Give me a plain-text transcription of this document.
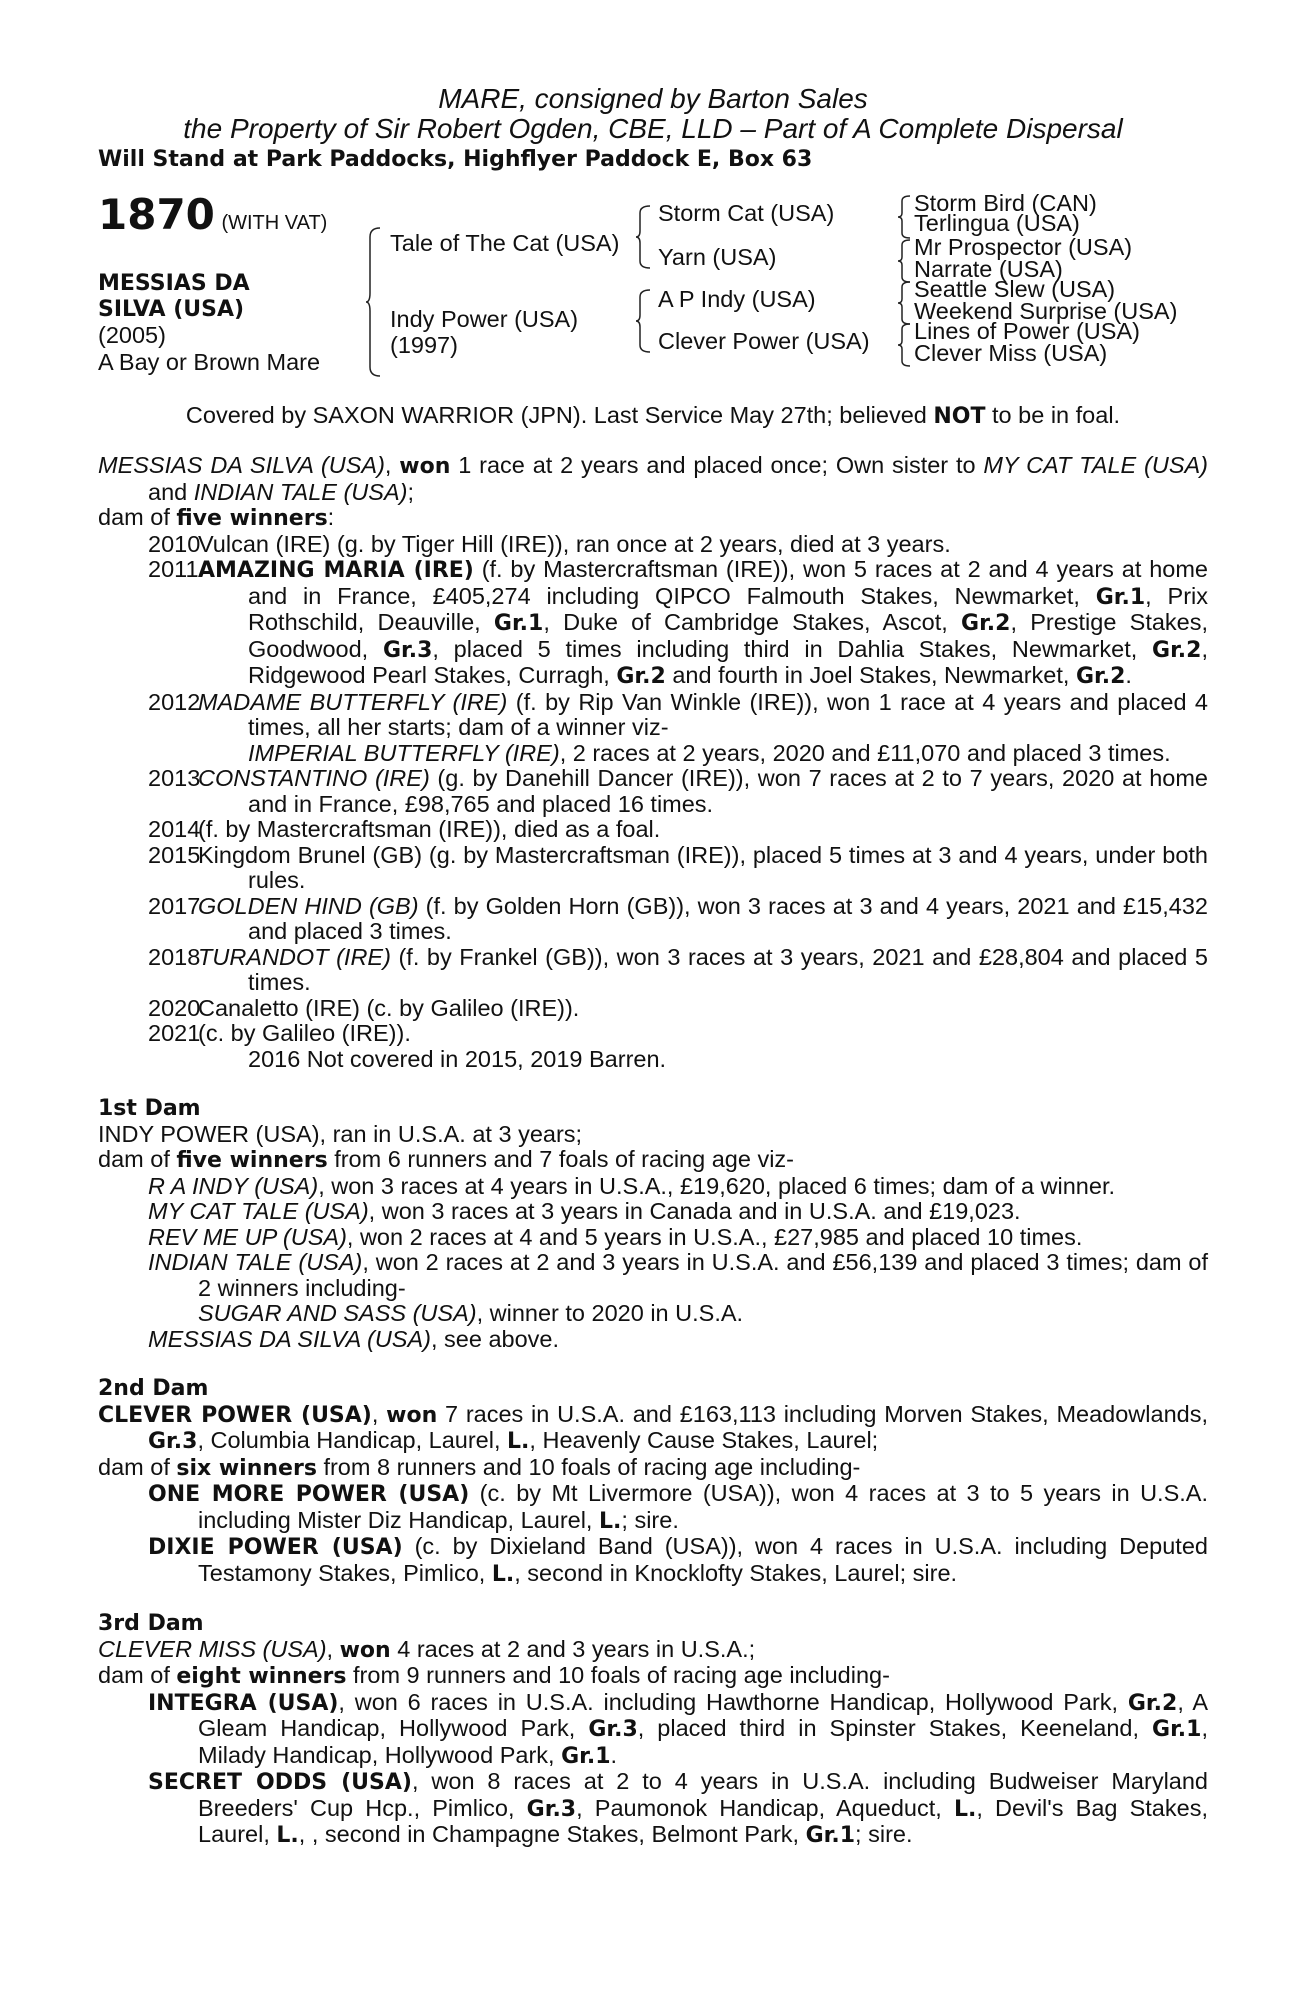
MARE, consigned by Barton Sales
the Property of Sir Robert Ogden, CBE, LLD – Part of A Complete Dispersal
Will Stand at Park Paddocks, Highflyer Paddock E, Box 63
1870 (WITH VAT)
MESSIAS DA
SILVA (USA)
(2005)
A Bay or Brown Mare
Tale of The Cat (USA)
Indy Power (USA)
(1997)
Storm Cat (USA)
Yarn (USA)
A P Indy (USA)
Clever Power (USA)
Storm Bird (CAN)
Terlingua (USA)
Mr Prospector (USA)
Narrate (USA)
Seattle Slew (USA)
Weekend Surprise (USA)
Lines of Power (USA)
Clever Miss (USA)
Covered by SAXON WARRIOR (JPN). Last Service May 27th; believed NOT to be in foal.
MESSIAS DA SILVA (USA), won 1 race at 2 years and placed once; Own sister to MY CAT TALE (USA) and INDIAN TALE (USA);
dam of five winners:
2010
Vulcan (IRE) (g. by Tiger Hill (IRE)), ran once at 2 years, died at 3 years.
2011 AMAZING MARIA (IRE) (f. by Mastercraftsman (IRE)), won 5 races at 2 and 4 years at home and in France, £405,274 including QIPCO Falmouth Stakes, Newmarket, Gr.1, Prix Rothschild, Deauville, Gr.1, Duke of Cambridge Stakes, Ascot, Gr.2, Prestige Stakes, Goodwood, Gr.3, placed 5 times including third in Dahlia Stakes, Newmarket, Gr.2, Ridgewood Pearl Stakes, Curragh, Gr.2 and fourth in Joel Stakes, Newmarket, Gr.2.
2012
MADAME BUTTERFLY (IRE) (f. by Rip Van Winkle (IRE)), won 1 race at 4 years and placed 4 times, all her starts; dam of a winner viz-
IMPERIAL BUTTERFLY (IRE), 2 races at 2 years, 2020 and £11,070 and placed 3 times.
2013
CONSTANTINO (IRE) (g. by Danehill Dancer (IRE)), won 7 races at 2 to 7 years, 2020 at home and in France, £98,765 and placed 16 times.
2014
(f. by Mastercraftsman (IRE)), died as a foal.
2015
Kingdom Brunel (GB) (g. by Mastercraftsman (IRE)), placed 5 times at 3 and 4 years, under both rules.
2017
GOLDEN HIND (GB) (f. by Golden Horn (GB)), won 3 races at 3 and 4 years, 2021 and £15,432 and placed 3 times.
2018
TURANDOT (IRE) (f. by Frankel (GB)), won 3 races at 3 years, 2021 and £28,804 and placed 5 times.
2020
Canaletto (IRE) (c. by Galileo (IRE)).
2021
(c. by Galileo (IRE)).
2016 Not covered in 2015, 2019 Barren.
1st Dam
INDY POWER (USA), ran in U.S.A. at 3 years;
dam of five winners from 6 runners and 7 foals of racing age viz-
R A INDY (USA), won 3 races at 4 years in U.S.A., £19,620, placed 6 times; dam of a winner.
MY CAT TALE (USA), won 3 races at 3 years in Canada and in U.S.A. and £19,023.
REV ME UP (USA), won 2 races at 4 and 5 years in U.S.A., £27,985 and placed 10 times.
INDIAN TALE (USA), won 2 races at 2 and 3 years in U.S.A. and £56,139 and placed 3 times; dam of 2 winners including-
SUGAR AND SASS (USA), winner to 2020 in U.S.A.
MESSIAS DA SILVA (USA), see above.
2nd Dam
CLEVER POWER (USA), won 7 races in U.S.A. and £163,113 including Morven Stakes, Meadowlands, Gr.3, Columbia Handicap, Laurel, L., Heavenly Cause Stakes, Laurel;
dam of six winners from 8 runners and 10 foals of racing age including-
ONE MORE POWER (USA) (c. by Mt Livermore (USA)), won 4 races at 3 to 5 years in U.S.A. including Mister Diz Handicap, Laurel, L.; sire.
DIXIE POWER (USA) (c. by Dixieland Band (USA)), won 4 races in U.S.A. including Deputed Testamony Stakes, Pimlico, L., second in Knocklofty Stakes, Laurel; sire.
3rd Dam
CLEVER MISS (USA), won 4 races at 2 and 3 years in U.S.A.;
dam of eight winners from 9 runners and 10 foals of racing age including-
INTEGRA (USA), won 6 races in U.S.A. including Hawthorne Handicap, Hollywood Park, Gr.2, A Gleam Handicap, Hollywood Park, Gr.3, placed third in Spinster Stakes, Keeneland, Gr.1, Milady Handicap, Hollywood Park, Gr.1.
SECRET ODDS (USA), won 8 races at 2 to 4 years in U.S.A. including Budweiser Maryland Breeders' Cup Hcp., Pimlico, Gr.3, Paumonok Handicap, Aqueduct, L., Devil's Bag Stakes, Laurel, L., , second in Champagne Stakes, Belmont Park, Gr.1; sire.
